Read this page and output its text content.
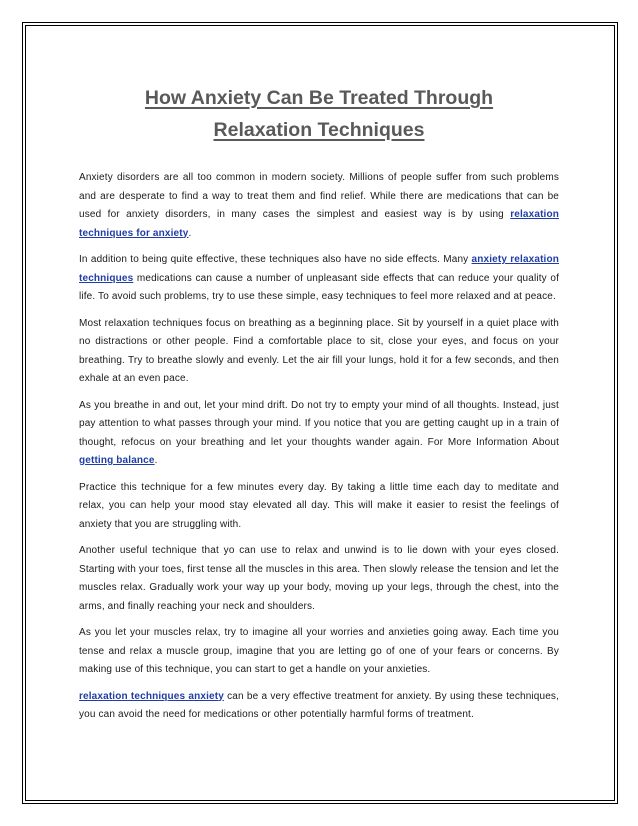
How Anxiety Can Be Treated Through
Relaxation Techniques

Anxiety disorders are all too common in modern society. Millions of people suffer from such problems and are desperate to find a way to treat them and find relief. While there are medications that can be used for anxiety disorders, in many cases the simplest and easiest way is by using relaxation techniques for anxiety.

In addition to being quite effective, these techniques also have no side effects. Many anxiety relaxation techniques medications can cause a number of unpleasant side effects that can reduce your quality of life. To avoid such problems, try to use these simple, easy techniques to feel more relaxed and at peace.

Most relaxation techniques focus on breathing as a beginning place. Sit by yourself in a quiet place with no distractions or other people. Find a comfortable place to sit, close your eyes, and focus on your breathing. Try to breathe slowly and evenly. Let the air fill your lungs, hold it for a few seconds, and then exhale at an even pace.

As you breathe in and out, let your mind drift. Do not try to empty your mind of all thoughts. Instead, just pay attention to what passes through your mind. If you notice that you are getting caught up in a train of thought, refocus on your breathing and let your thoughts wander again. For More Information About getting balance.

Practice this technique for a few minutes every day. By taking a little time each day to meditate and relax, you can help your mood stay elevated all day. This will make it easier to resist the feelings of anxiety that you are struggling with.

Another useful technique that yo can use to relax and unwind is to lie down with your eyes closed. Starting with your toes, first tense all the muscles in this area. Then slowly release the tension and let the muscles relax. Gradually work your way up your body, moving up your legs, through the chest, into the arms, and finally reaching your neck and shoulders.

As you let your muscles relax, try to imagine all your worries and anxieties going away. Each time you tense and relax a muscle group, imagine that you are letting go of one of your fears or concerns. By making use of this technique, you can start to get a handle on your anxieties.

relaxation techniques anxiety can be a very effective treatment for anxiety. By using these techniques, you can avoid the need for medications or other potentially harmful forms of treatment.
